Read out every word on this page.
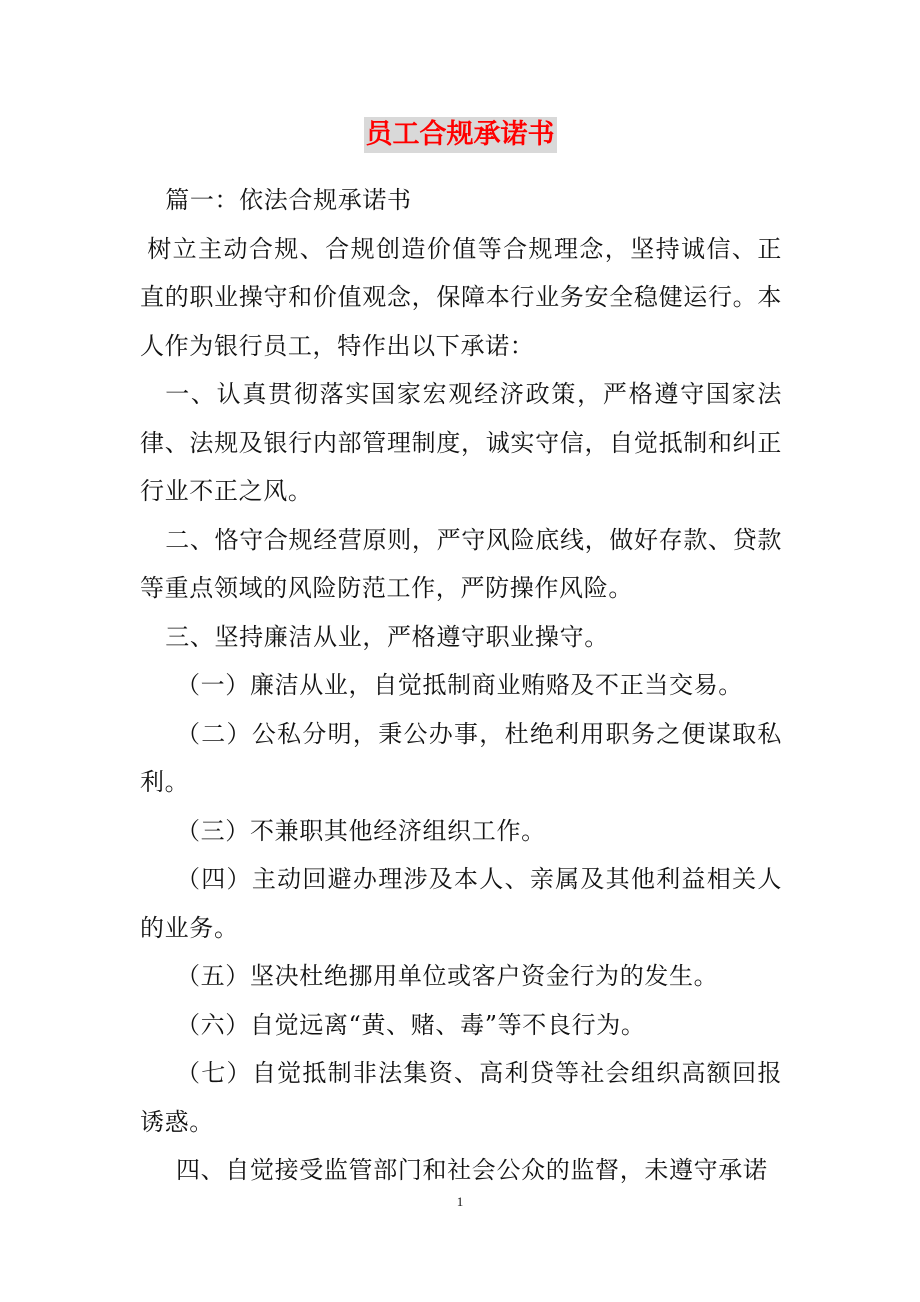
员工合规承诺书

篇一：依法合规承诺书

树立主动合规、合规创造价值等合规理念，坚持诚信、正直的职业操守和价值观念，保障本行业务安全稳健运行。本人作为银行员工，特作出以下承诺：

一、认真贯彻落实国家宏观经济政策，严格遵守国家法律、法规及银行内部管理制度，诚实守信，自觉抵制和纠正行业不正之风。

二、恪守合规经营原则，严守风险底线，做好存款、贷款等重点领域的风险防范工作，严防操作风险。

三、坚持廉洁从业，严格遵守职业操守。

（一）廉洁从业，自觉抵制商业贿赂及不正当交易。

（二）公私分明，秉公办事，杜绝利用职务之便谋取私利。

（三）不兼职其他经济组织工作。

（四）主动回避办理涉及本人、亲属及其他利益相关人的业务。

（五）坚决杜绝挪用单位或客户资金行为的发生。

（六）自觉远离“黄、赌、毒”等不良行为。

（七）自觉抵制非法集资、高利贷等社会组织高额回报诱惑。

四、自觉接受监管部门和社会公众的监督，未遵守承诺

1
